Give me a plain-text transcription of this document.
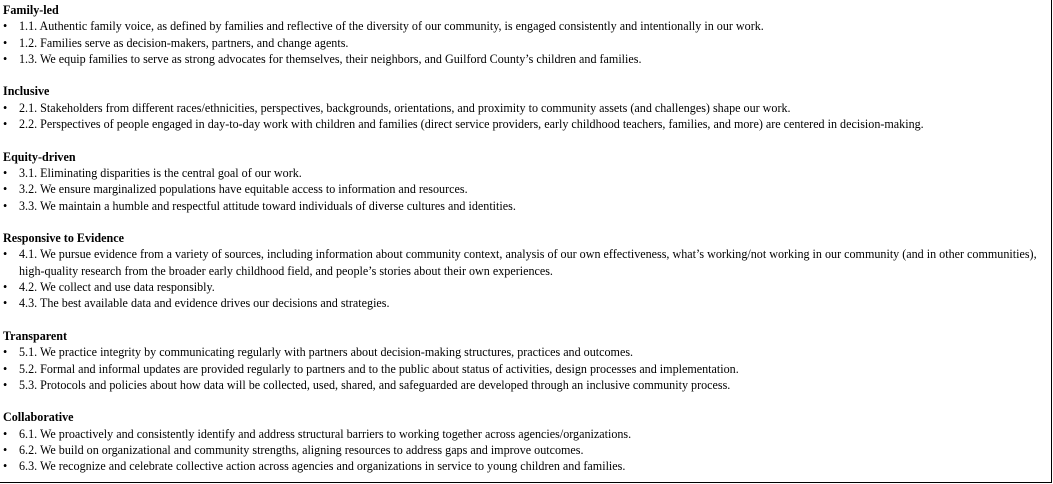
Family-led

• 1.1. Authentic family voice, as defined by families and reflective of the diversity of our community, is engaged consistently and intentionally in our work.
• 1.2. Families serve as decision-makers, partners, and change agents.
• 1.3. We equip families to serve as strong advocates for themselves, their neighbors, and Guilford County’s children and families.

Inclusive

• 2.1. Stakeholders from different races/ethnicities, perspectives, backgrounds, orientations, and proximity to community assets (and challenges) shape our work.
• 2.2. Perspectives of people engaged in day-to-day work with children and families (direct service providers, early childhood teachers, families, and more) are centered in decision-making.

Equity-driven

• 3.1. Eliminating disparities is the central goal of our work.
• 3.2. We ensure marginalized populations have equitable access to information and resources.
• 3.3. We maintain a humble and respectful attitude toward individuals of diverse cultures and identities.

Responsive to Evidence

• 4.1. We pursue evidence from a variety of sources, including information about community context, analysis of our own effectiveness, what’s working/not working in our community (and in other communities), high-quality research from the broader early childhood field, and people’s stories about their own experiences.
• 4.2. We collect and use data responsibly.
• 4.3. The best available data and evidence drives our decisions and strategies.

Transparent

• 5.1. We practice integrity by communicating regularly with partners about decision-making structures, practices and outcomes.
• 5.2. Formal and informal updates are provided regularly to partners and to the public about status of activities, design processes and implementation.
• 5.3. Protocols and policies about how data will be collected, used, shared, and safeguarded are developed through an inclusive community process.

Collaborative

• 6.1. We proactively and consistently identify and address structural barriers to working together across agencies/organizations.
• 6.2. We build on organizational and community strengths, aligning resources to address gaps and improve outcomes.
• 6.3. We recognize and celebrate collective action across agencies and organizations in service to young children and families.
